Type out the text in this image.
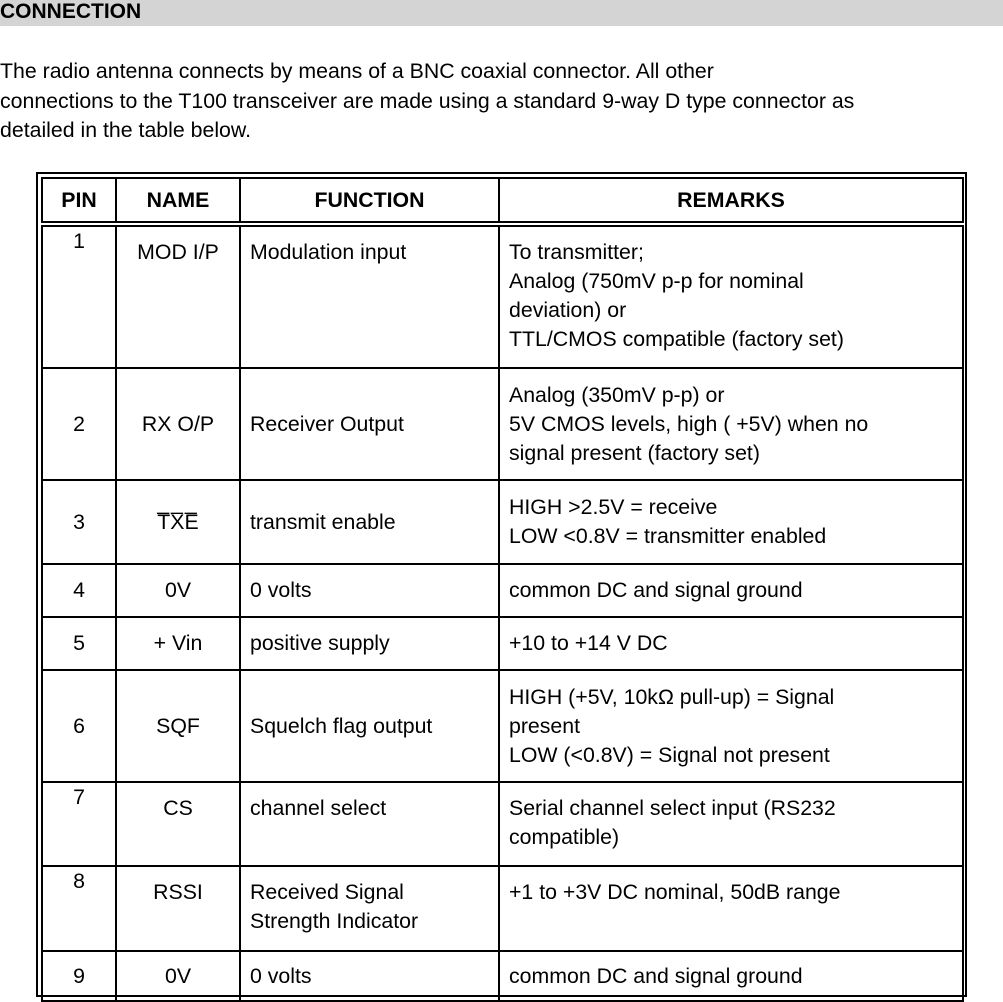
CONNECTION

The radio antenna connects by means of a BNC coaxial connector. All other
connections to the T100 transceiver are made using a standard 9-way D type connector as
detailed in the table below.

PIN	NAME	FUNCTION	REMARKS
1	MOD I/P	Modulation input	To transmitter;
Analog (750mV p-p for nominal
deviation) or
TTL/CMOS compatible (factory set)

2	RX O/P	Receiver Output	Analog (350mV p-p) or
5V CMOS levels, high ( +5V) when no
signal present (factory set)

3	___ TXE	transmit enable	HIGH >2.5V = receive
LOW <0.8V = transmitter enabled

4	0V	0 volts	common DC and signal ground

5	+ Vin	positive supply	+10 to +14 V DC

6	SQF	Squelch flag output	HIGH (+5V, 10kΩ pull-up) = Signal
present
LOW (<0.8V) = Signal not present

7	CS	channel select	Serial channel select input (RS232
compatible)

8	RSSI	Received Signal
Strength Indicator	+1 to +3V DC nominal, 50dB range

9	0V	0 volts	common DC and signal ground
